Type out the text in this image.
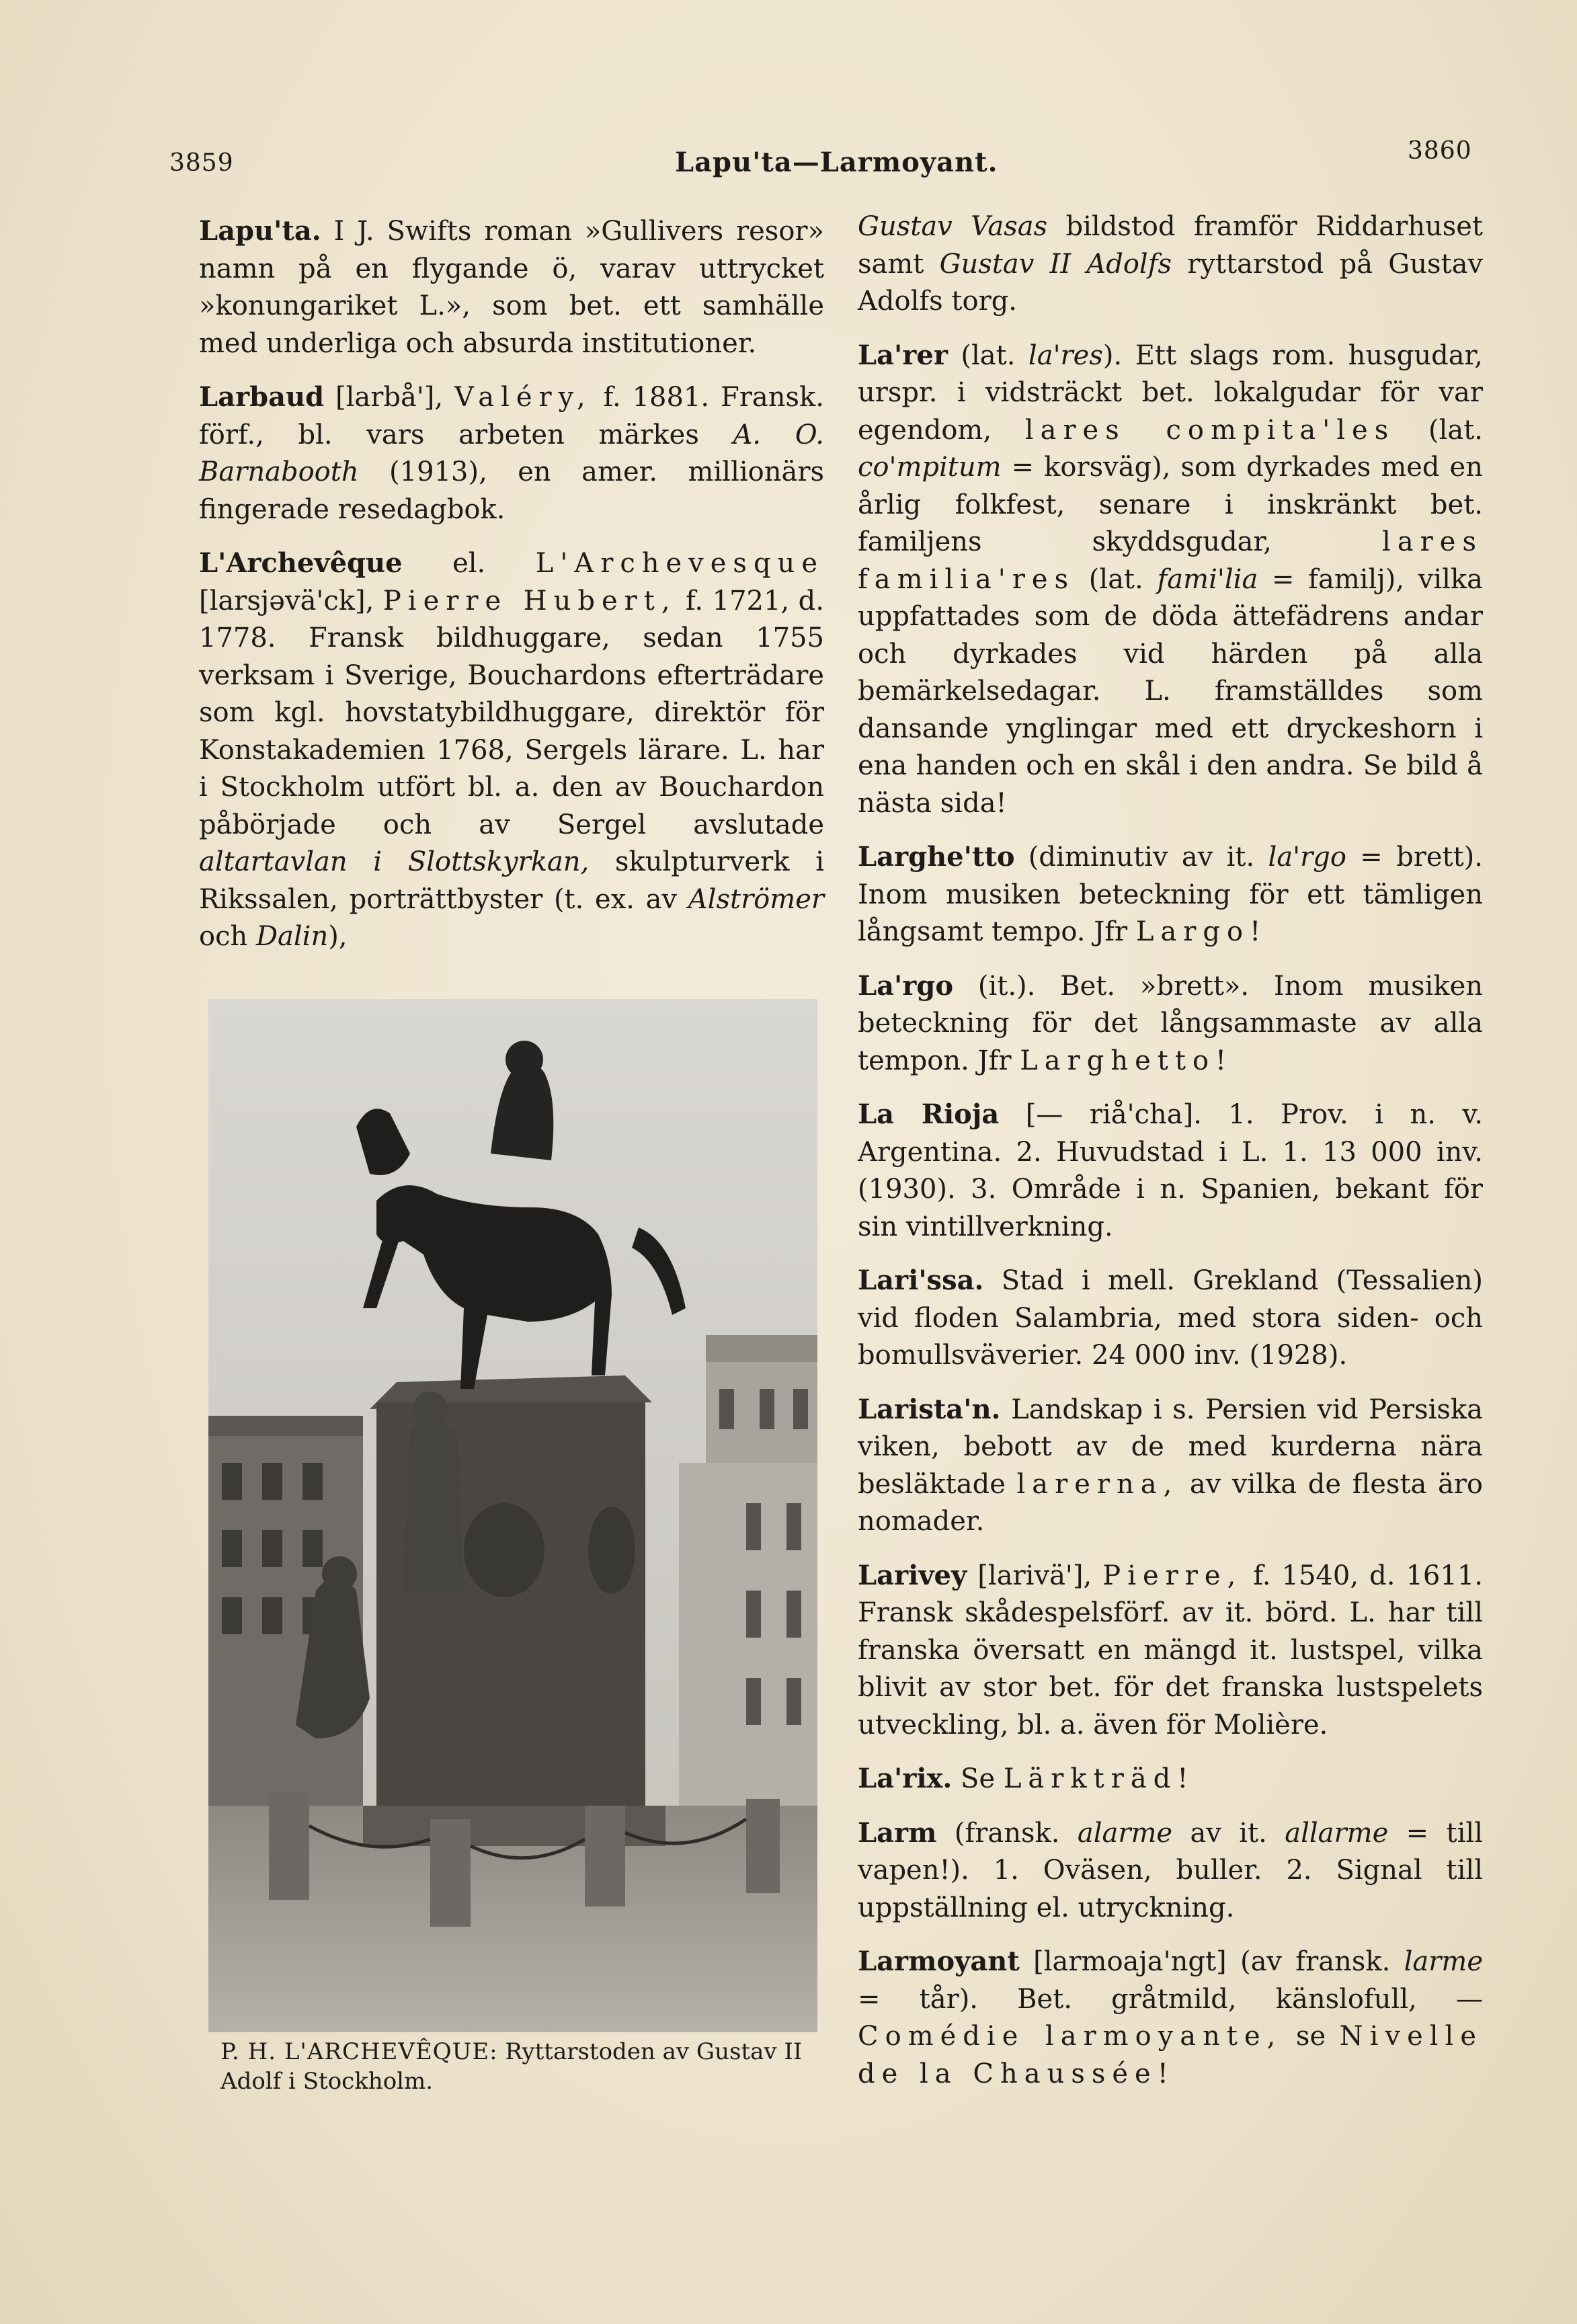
3859	Lapu'ta—Larmoyant.	3860

Lapu'ta. I J. Swifts roman »Gullivers resor» namn på en flygande ö, varav uttrycket »konungariket L.», som bet. ett samhälle med underliga och absurda institutioner.

Larbaud [larbå'], Valéry, f. 1881. Fransk. förf., bl. vars arbeten märkes A. O. Barnabooth (1913), en amer. millionärs fingerade resedagbok.

L'Archevêque el. L'Archevesque [larsjəvä'ck], Pierre Hubert, f. 1721, d. 1778. Fransk bildhuggare, sedan 1755 verksam i Sverige, Bouchardons efterträdare som kgl. hovstatybildhuggare, direktör för Konstakademien 1768, Sergels lärare. L. har i Stockholm utfört bl. a. den av Bouchardon påbörjade och av Sergel avslutade altartavlan i Slottskyrkan, skulpturverk i Rikssalen, porträttbyster (t. ex. av Alströmer och Dalin),

P. H. L'ARCHEVÊQUE: Ryttarstoden av Gustav II Adolf i Stockholm.

Gustav Vasas bildstod framför Riddarhuset samt Gustav II Adolfs ryttarstod på Gustav Adolfs torg.

La'rer (lat. la'res). Ett slags rom. husgudar, urspr. i vidsträckt bet. lokalgudar för var egendom, lares compita'les (lat. co'mpitum = korsväg), som dyrkades med en årlig folkfest, senare i inskränkt bet. familjens skyddsgudar, lares familia'res (lat. fami'lia = familj), vilka uppfattades som de döda ättefädrens andar och dyrkades vid härden på alla bemärkelsedagar. L. framställdes som dansande ynglingar med ett dryckeshorn i ena handen och en skål i den andra. Se bild å nästa sida!

Larghe'tto (diminutiv av it. la'rgo = brett). Inom musiken beteckning för ett tämligen långsamt tempo. Jfr Largo!

La'rgo (it.). Bet. »brett». Inom musiken beteckning för det långsammaste av alla tempon. Jfr Larghetto!

La Rioja [— riå'cha]. 1. Prov. i n. v. Argentina. 2. Huvudstad i L. 1. 13 000 inv. (1930). 3. Område i n. Spanien, bekant för sin vintillverkning.

Lari'ssa. Stad i mell. Grekland (Tessalien) vid floden Salambria, med stora siden- och bomullsväverier. 24 000 inv. (1928).

Larista'n. Landskap i s. Persien vid Persiska viken, bebott av de med kurderna nära besläktade larerna, av vilka de flesta äro nomader.

Larivey [larivä'], Pierre, f. 1540, d. 1611. Fransk skådespelsförf. av it. börd. L. har till franska översatt en mängd it. lustspel, vilka blivit av stor bet. för det franska lustspelets utveckling, bl. a. även för Molière.

La'rix. Se Lärkträd!

Larm (fransk. alarme av it. allarme = till vapen!). 1. Oväsen, buller. 2. Signal till uppställning el. utryckning.

Larmoyant [larmoaja'ngt] (av fransk. larme = tår). Bet. gråtmild, känslofull, — Comédie larmoyante, se Nivelle de la Chaussée!
